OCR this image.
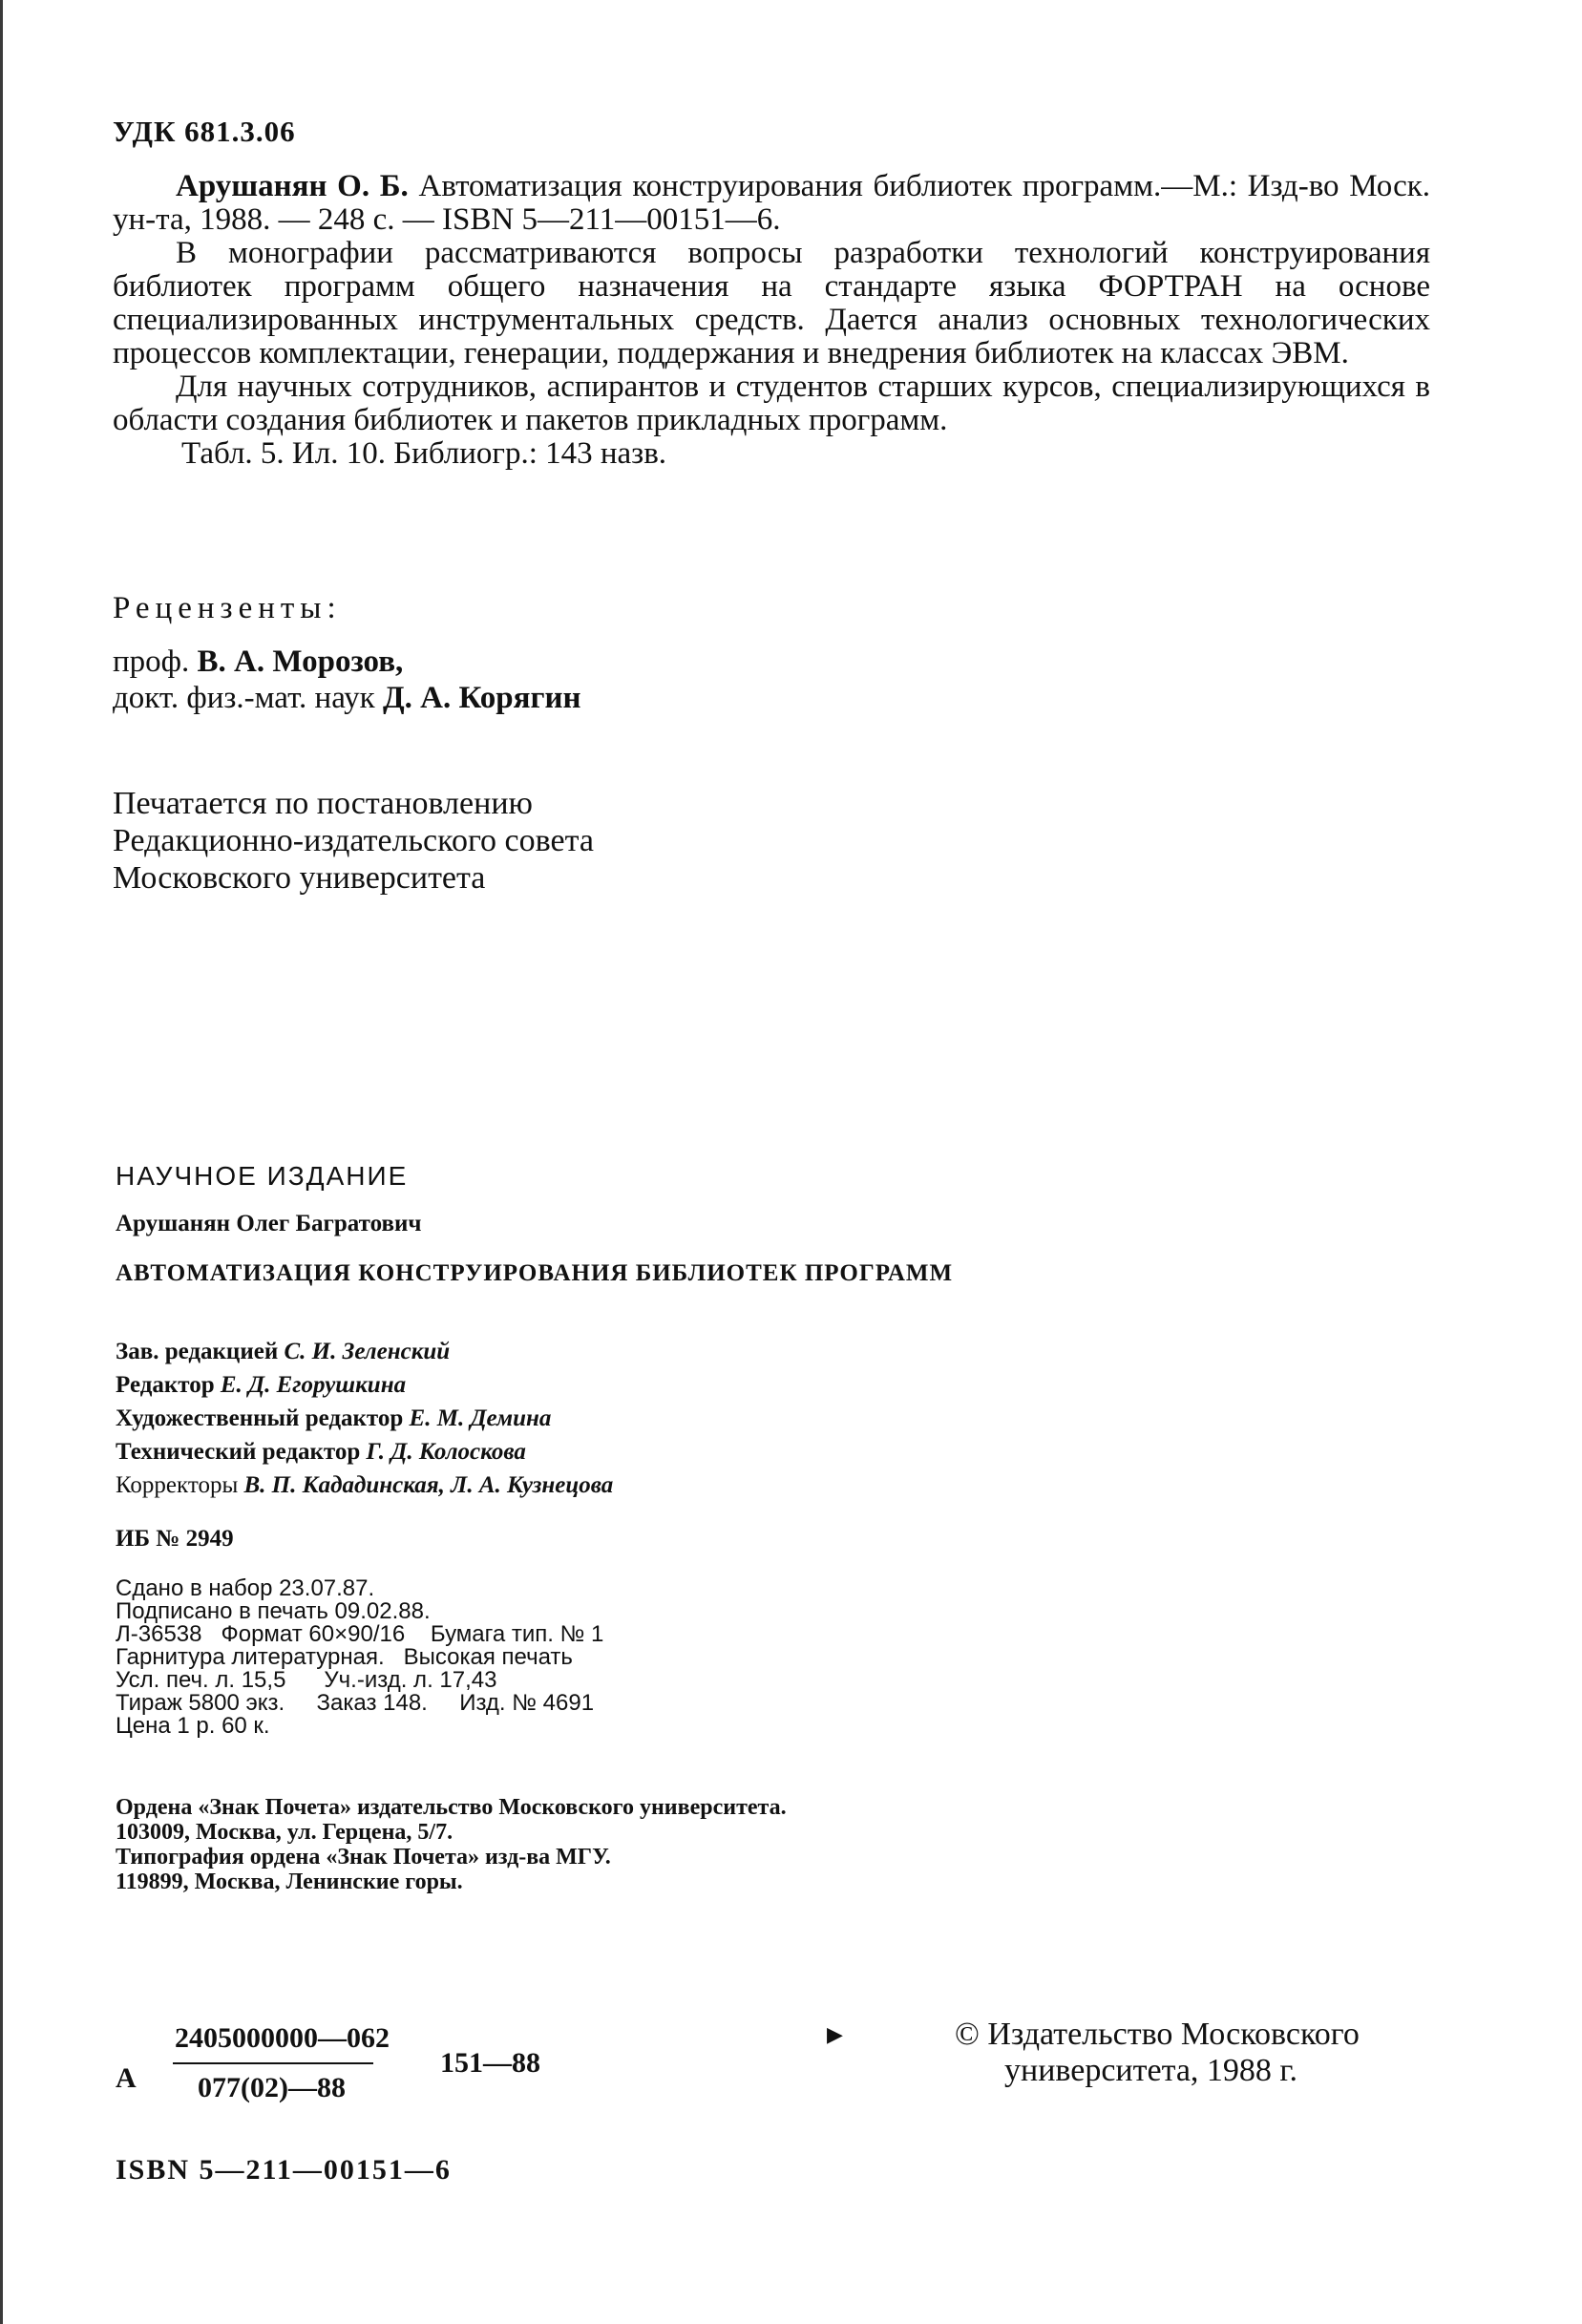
УДК 681.3.06

Арушанян О. Б. Автоматизация конструирования библиотек программ.—М.: Изд-во Моск. ун-та, 1988. — 248 с. — ISBN 5—211—00151—6.

В монографии рассматриваются вопросы разработки технологий конструирования библиотек программ общего назначения на стандарте языка ФОРТРАН на основе специализированных инструментальных средств. Дается анализ основных технологических процессов комплектации, генерации, поддержания и внедрения библиотек на классах ЭВМ.

Для научных сотрудников, аспирантов и студентов старших курсов, специализирующихся в области создания библиотек и пакетов прикладных программ.

Табл. 5. Ил. 10. Библиогр.: 143 назв.

Рецензенты:
проф. В. А. Морозов,
докт. физ.-мат. наук Д. А. Корягин
Печатается по постановлению
Редакционно-издательского совета
Московского университета
НАУЧНОЕ ИЗДАНИЕ
Арушанян Олег Багратович
АВТОМАТИЗАЦИЯ КОНСТРУИРОВАНИЯ БИБЛИОТЕК ПРОГРАММ
Зав. редакцией С. И. Зеленский
Редактор Е. Д. Егорушкина
Художественный редактор Е. М. Демина
Технический редактор Г. Д. Колоскова
Корректоры В. П. Кададинская, Л. А. Кузнецова
ИБ № 2949
Сдано в набор 23.07.87.
Подписано в печать 09.02.88.
Л-36538   Формат 60×90/16    Бумага тип. № 1
Гарнитура литературная.   Высокая печать
Усл. печ. л. 15,5      Уч.-изд. л. 17,43
Тираж 5800 экз.     Заказ 148.     Изд. № 4691
Цена 1 р. 60 к.
Ордена «Знак Почета» издательство Московского университета.
103009, Москва, ул. Герцена, 5/7.
Типография ордена «Знак Почета» изд-ва МГУ.
119899, Москва, Ленинские горы.
А
2405000000—062
077(02)—88
151—88
▶	© Издательство Московского
университета, 1988 г.
ISBN 5—211—00151—6
